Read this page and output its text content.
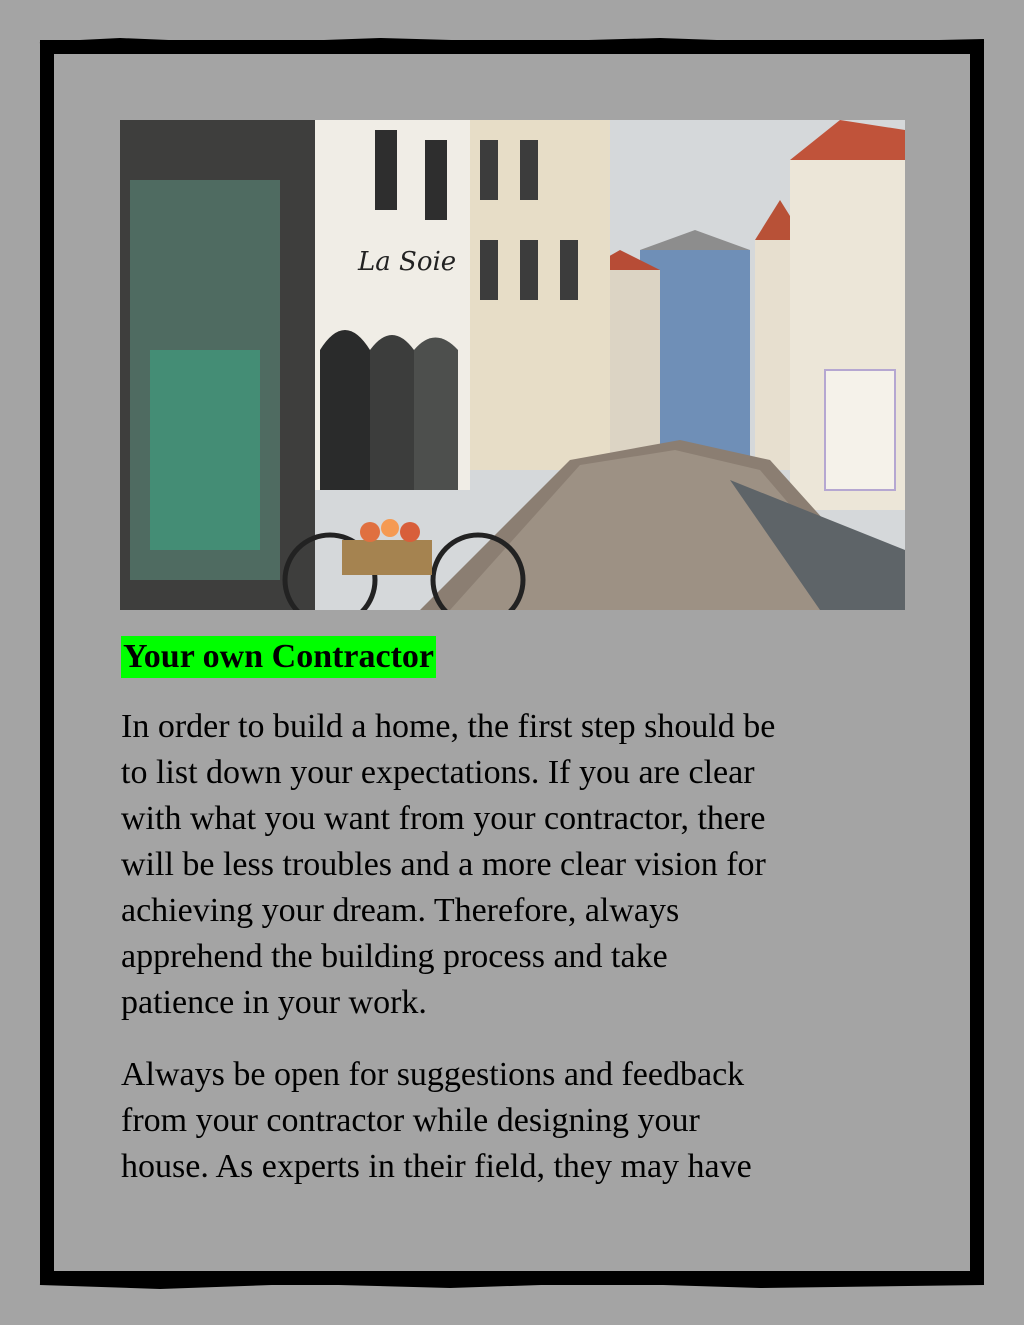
La Soie
Your own Contractor

In order to build a home, the first step should be
to list down your expectations. If you are clear
with what you want from your contractor, there
will be less troubles and a more clear vision for
achieving your dream. Therefore, always
apprehend the building process and take
patience in your work.

Always be open for suggestions and feedback
from your contractor while designing your
house. As experts in their field, they may have
